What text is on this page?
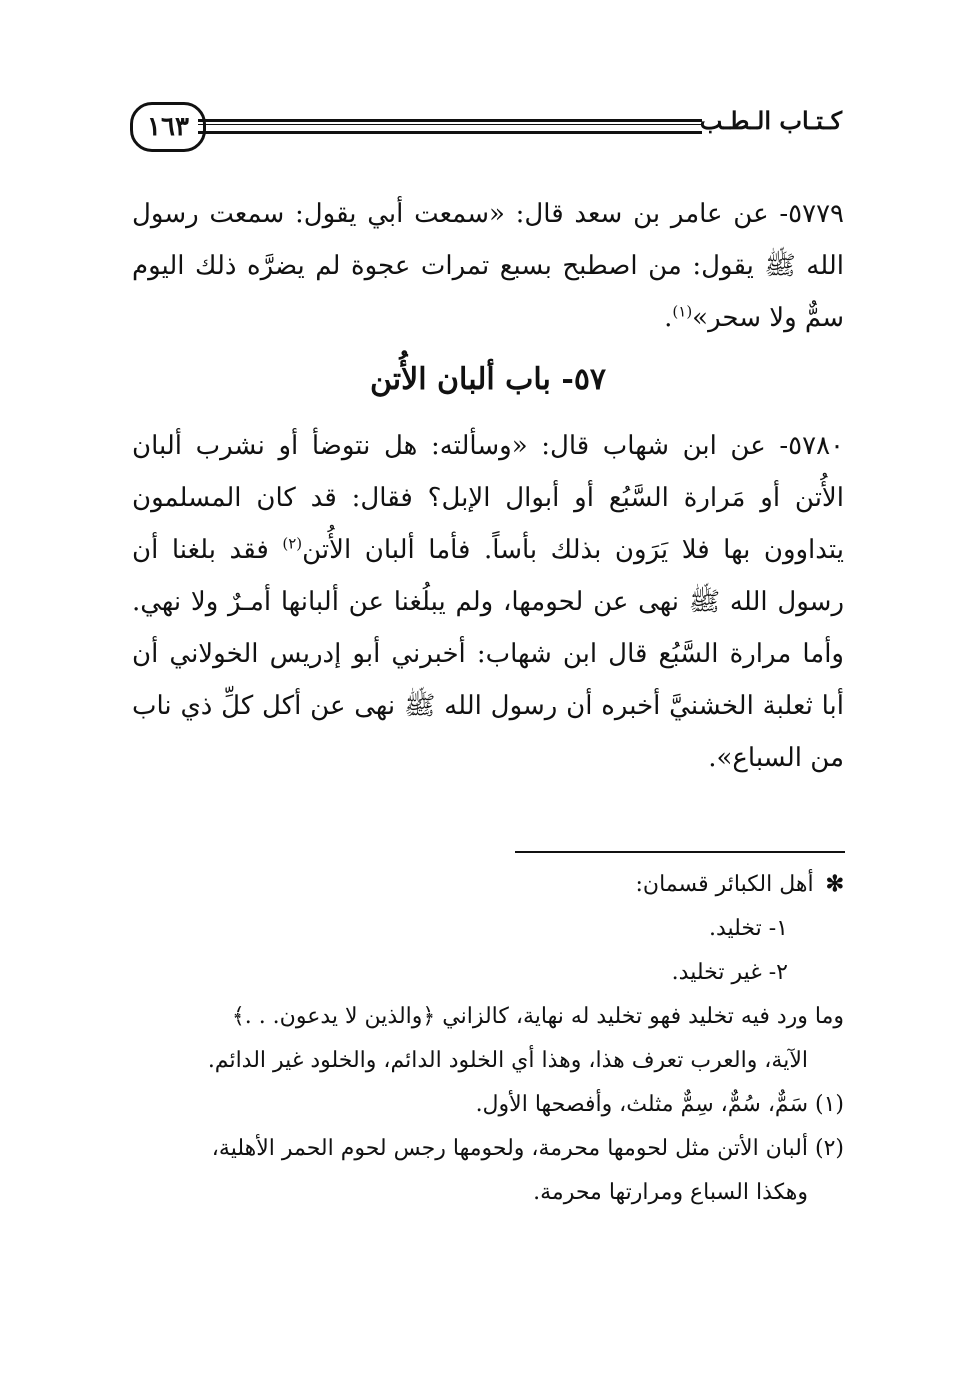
١٦٣	كـتـاب الـطـب
٥٧٧٩- عن عامر بن سعد قال: «سمعت أبي يقول: سمعت رسول الله ﷺ يقول: من اصطبح بسبع تمرات عجوة لم يضرَّه ذلك اليوم سمٌّ ولا سحر»$^{(١)}$.
٥٧- باب ألبان الأُتن
٥٧٨٠- عن ابن شهاب قال: «وسألته: هل نتوضأ أو نشرب ألبان الأُتن أو مَرارة السَّبُع أو أبوال الإبل؟ فقال: قد كان المسلمون يتداوون بها فلا يَرَون بذلك بأساً. فأما ألبان الأُتن$^{(٢)}$ فقد بلغنا أن رسول الله ﷺ نهى عن لحومها، ولم يبلُغنا عن ألبانها أمـرٌ ولا نهي. وأما مرارة السَّبُع قال ابن شهاب: أخبرني أبو إدريس الخولاني أن أبا ثعلبة الخشنيَّ أخبره أن رسول الله ﷺ نهى عن أكل كلِّ ذي ناب من السباع».
✻أهل الكبائر قسمان:
١- تخليد.
٢- غير تخليد.
وما ورد فيه تخليد فهو تخليد له نهاية، كالزاني ﴿والذين لا يدعون. . .﴾
الآية، والعرب تعرف هذا، وهذا أي الخلود الدائم، والخلود غير الدائم.
(١) سَمٌّ، سُمٌّ، سِمٌّ مثلث، وأفصحها الأول.
(٢) ألبان الأتن مثل لحومها محرمة، ولحومها رجس لحوم الحمر الأهلية،
وهكذا السباع ومرارتها محرمة.
